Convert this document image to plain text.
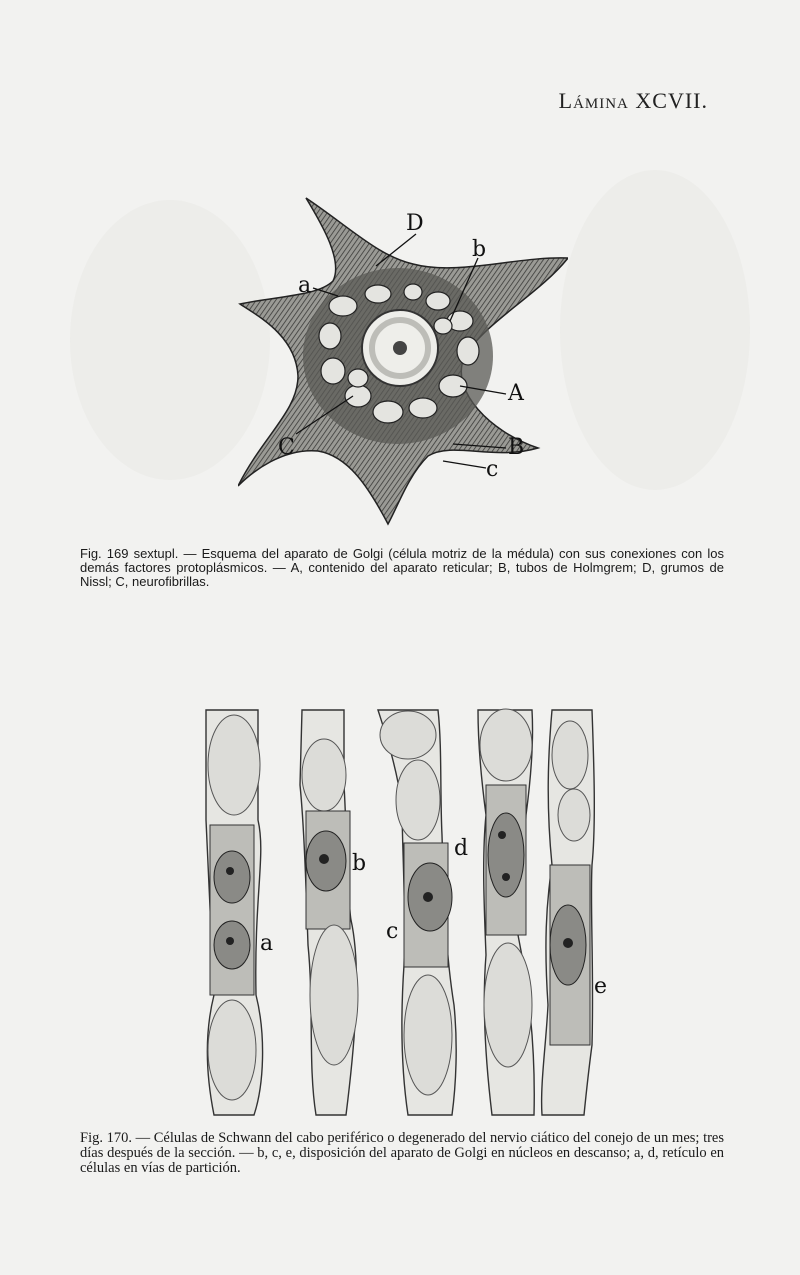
Lámina XCVII.
D
b
a
A
C	B
c
Fig. 169 sextupl. — Esquema del aparato de Golgi (célula motriz de la médula) con sus conexiones con los demás factores protoplásmicos. — A, contenido del aparato reticular; B, tubos de Holmgrem; D, grumos de Nissl; C, neurofibrillas.
a
b
c
d
e
Fig. 170. — Células de Schwann del cabo periférico o degenerado del nervio ciático del conejo de un mes; tres días después de la sección. — b, c, e, disposición del aparato de Golgi en núcleos en descanso; a, d, retículo en células en vías de partición.
